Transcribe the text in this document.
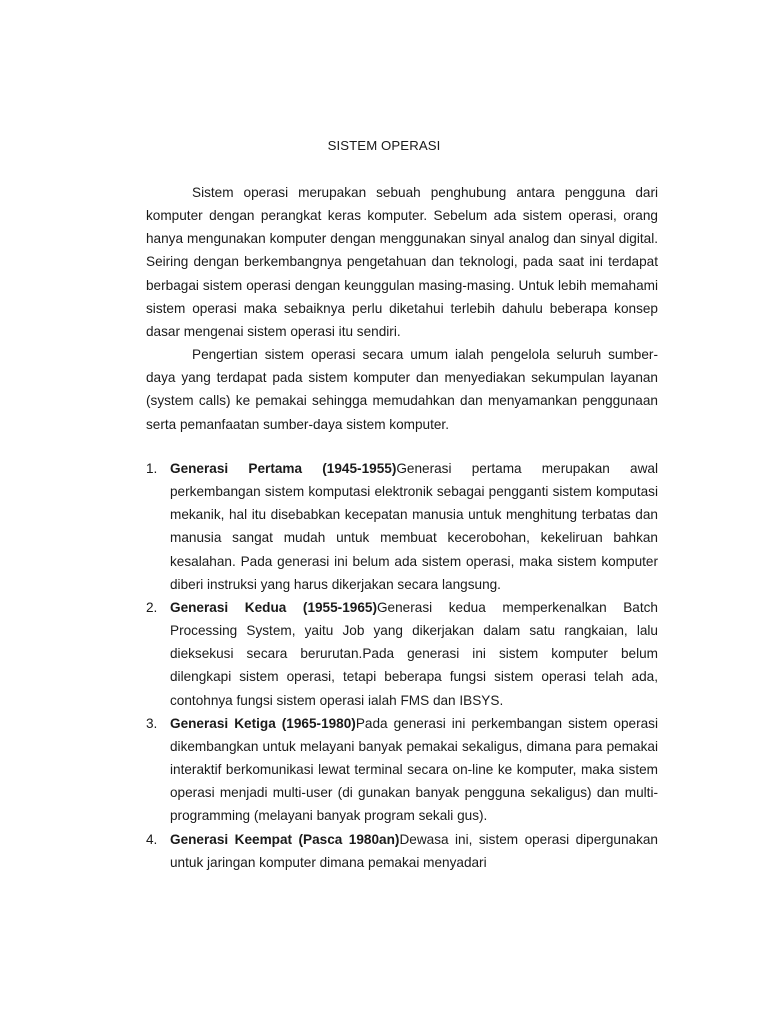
SISTEM OPERASI

Sistem operasi merupakan sebuah penghubung antara pengguna dari komputer dengan perangkat keras komputer. Sebelum ada sistem operasi, orang hanya mengunakan komputer dengan menggunakan sinyal analog dan sinyal digital. Seiring dengan berkembangnya pengetahuan dan teknologi, pada saat ini terdapat berbagai sistem operasi dengan keunggulan masing-masing. Untuk lebih memahami sistem operasi maka sebaiknya perlu diketahui terlebih dahulu beberapa konsep dasar mengenai sistem operasi itu sendiri.

Pengertian sistem operasi secara umum ialah pengelola seluruh sumber-daya yang terdapat pada sistem komputer dan menyediakan sekumpulan layanan (system calls) ke pemakai sehingga memudahkan dan menyamankan penggunaan serta pemanfaatan sumber-daya sistem komputer.

1. Generasi Pertama (1945-1955)Generasi pertama merupakan awal perkembangan sistem komputasi elektronik sebagai pengganti sistem komputasi mekanik, hal itu disebabkan kecepatan manusia untuk menghitung terbatas dan manusia sangat mudah untuk membuat kecerobohan, kekeliruan bahkan kesalahan. Pada generasi ini belum ada sistem operasi, maka sistem komputer diberi instruksi yang harus dikerjakan secara langsung.
2. Generasi Kedua (1955-1965)Generasi kedua memperkenalkan Batch Processing System, yaitu Job yang dikerjakan dalam satu rangkaian, lalu dieksekusi secara berurutan.Pada generasi ini sistem komputer belum dilengkapi sistem operasi, tetapi beberapa fungsi sistem operasi telah ada, contohnya fungsi sistem operasi ialah FMS dan IBSYS.
3. Generasi Ketiga (1965-1980)Pada generasi ini perkembangan sistem operasi dikembangkan untuk melayani banyak pemakai sekaligus, dimana para pemakai interaktif berkomunikasi lewat terminal secara on-line ke komputer, maka sistem operasi menjadi multi-user (di gunakan banyak pengguna sekaligus) dan multi-programming (melayani banyak program sekali gus).
4. Generasi Keempat (Pasca 1980an)Dewasa ini, sistem operasi dipergunakan untuk jaringan komputer dimana pemakai menyadari
